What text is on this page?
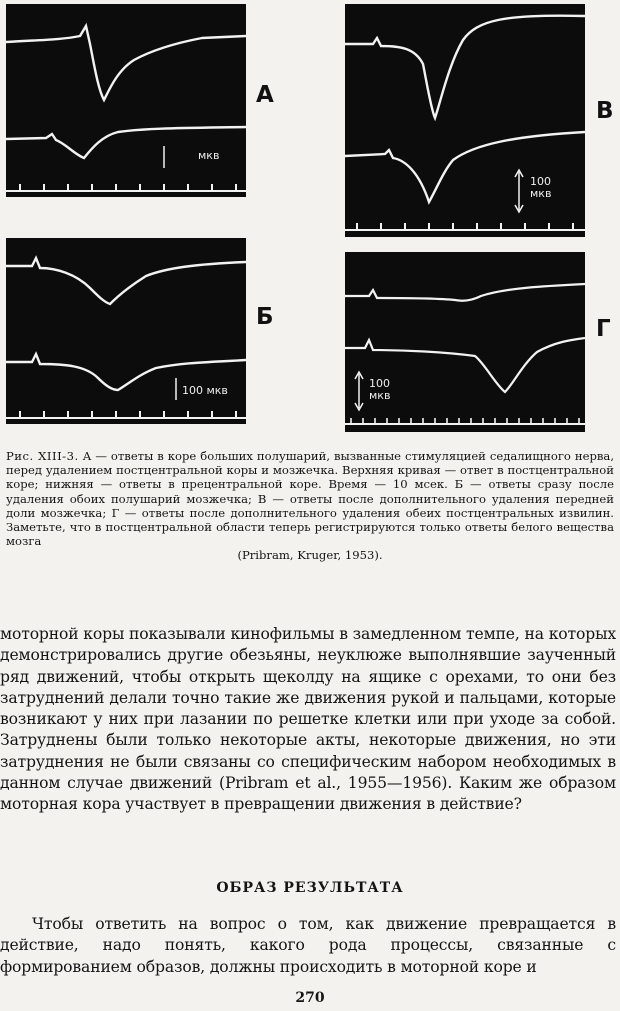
мкв
А
100
мкв
В
100 мкв
Б
100
мкв
Г
Рис. XIII-3. А — ответы в коре больших полушарий, вызванные стимуляцией седалищного нерва, перед удалением постцентральной коры и мозжечка. Верхняя кривая — ответ в постцентральной коре; нижняя — ответы в прецентральной коре. Время — 10 мсек. Б — ответы сразу после удаления обоих полушарий мозжечка; В — ответы после дополнительного удаления передней доли мозжечка; Г — ответы после дополнительного удаления обеих постцентральных извилин. Заметьте, что в постцентральной области теперь регистрируются только ответы белого вещества мозга
(Pribram, Kruger, 1953).
моторной коры показывали кинофильмы в замедленном темпе, на которых демонстрировались другие обезьяны, неуклюже выполнявшие заученный ряд движений, чтобы открыть щеколду на ящике с орехами, то они без затруднений делали точно такие же движения рукой и пальцами, которые возникают у них при лазании по решетке клетки или при уходе за собой. Затруднены были только некоторые акты, некоторые движения, но эти затруднения не были связаны со специфическим набором необходимых в данном случае движений (Pribram et al., 1955—1956). Каким же образом моторная кора участвует в превращении движения в действие?
ОБРАЗ РЕЗУЛЬТАТА
Чтобы ответить на вопрос о том, как движение превращается в действие, надо понять, какого рода процессы, связанные с формированием образов, должны происходить в моторной коре и
270
